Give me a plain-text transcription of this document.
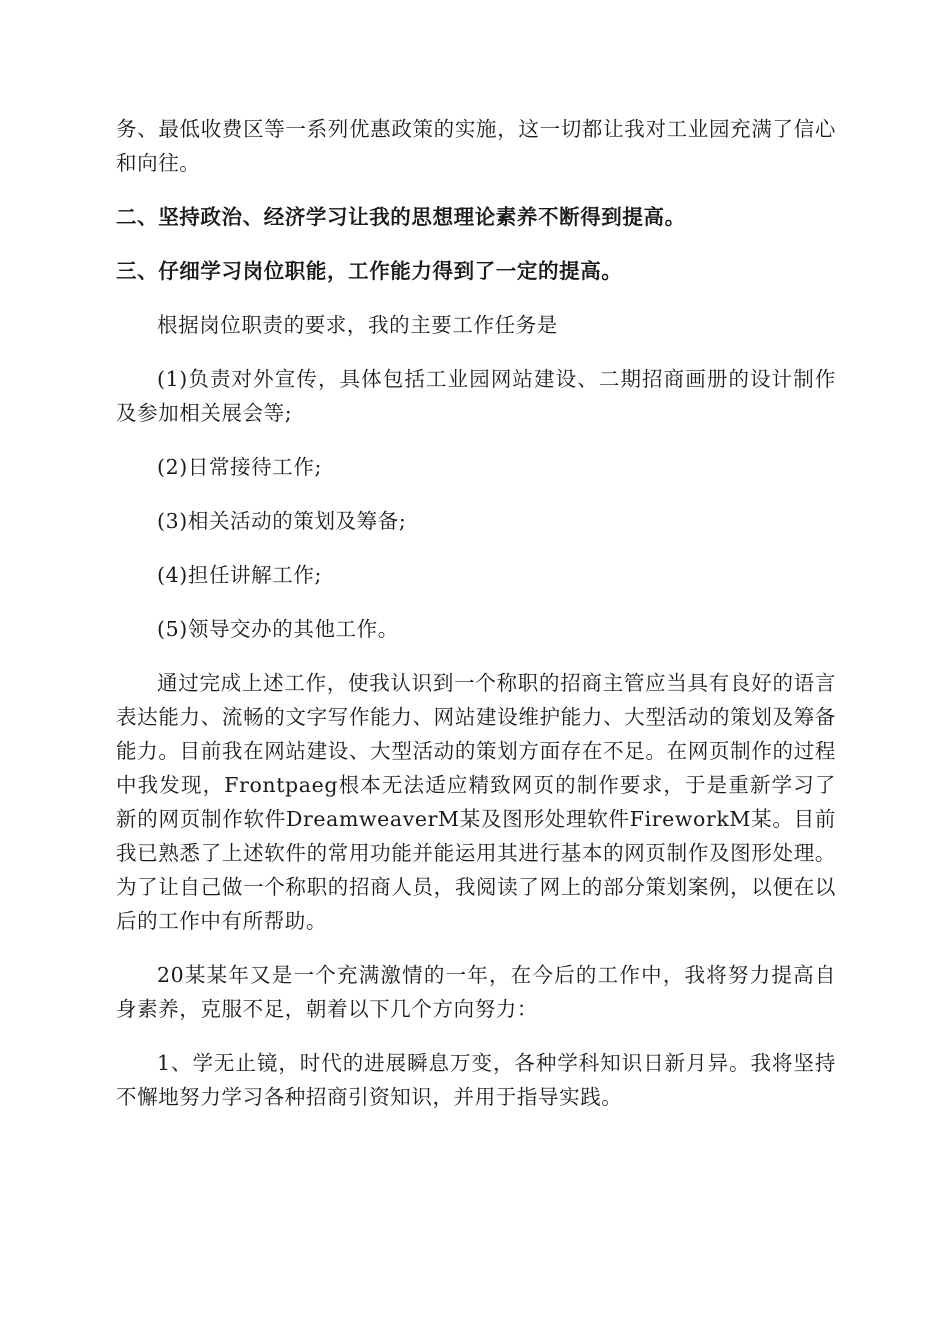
务、最低收费区等一系列优惠政策的实施，这一切都让我对工业园充满了信心和向往。

二、坚持政治、经济学习让我的思想理论素养不断得到提高。

三、仔细学习岗位职能，工作能力得到了一定的提高。

根据岗位职责的要求，我的主要工作任务是

(1)负责对外宣传，具体包括工业园网站建设、二期招商画册的设计制作及参加相关展会等;

(2)日常接待工作;

(3)相关活动的策划及筹备;

(4)担任讲解工作;

(5)领导交办的其他工作。

通过完成上述工作，使我认识到一个称职的招商主管应当具有良好的语言表达能力、流畅的文字写作能力、网站建设维护能力、大型活动的策划及筹备能力。目前我在网站建设、大型活动的策划方面存在不足。在网页制作的过程中我发现，Frontpaeg根本无法适应精致网页的制作要求，于是重新学习了新的网页制作软件DreamweaverM某及图形处理软件FireworkM某。目前我已熟悉了上述软件的常用功能并能运用其进行基本的网页制作及图形处理。为了让自己做一个称职的招商人员，我阅读了网上的部分策划案例，以便在以后的工作中有所帮助。

20某某年又是一个充满激情的一年，在今后的工作中，我将努力提高自身素养，克服不足，朝着以下几个方向努力：

1、学无止镜，时代的进展瞬息万变，各种学科知识日新月异。我将坚持不懈地努力学习各种招商引资知识，并用于指导实践。
